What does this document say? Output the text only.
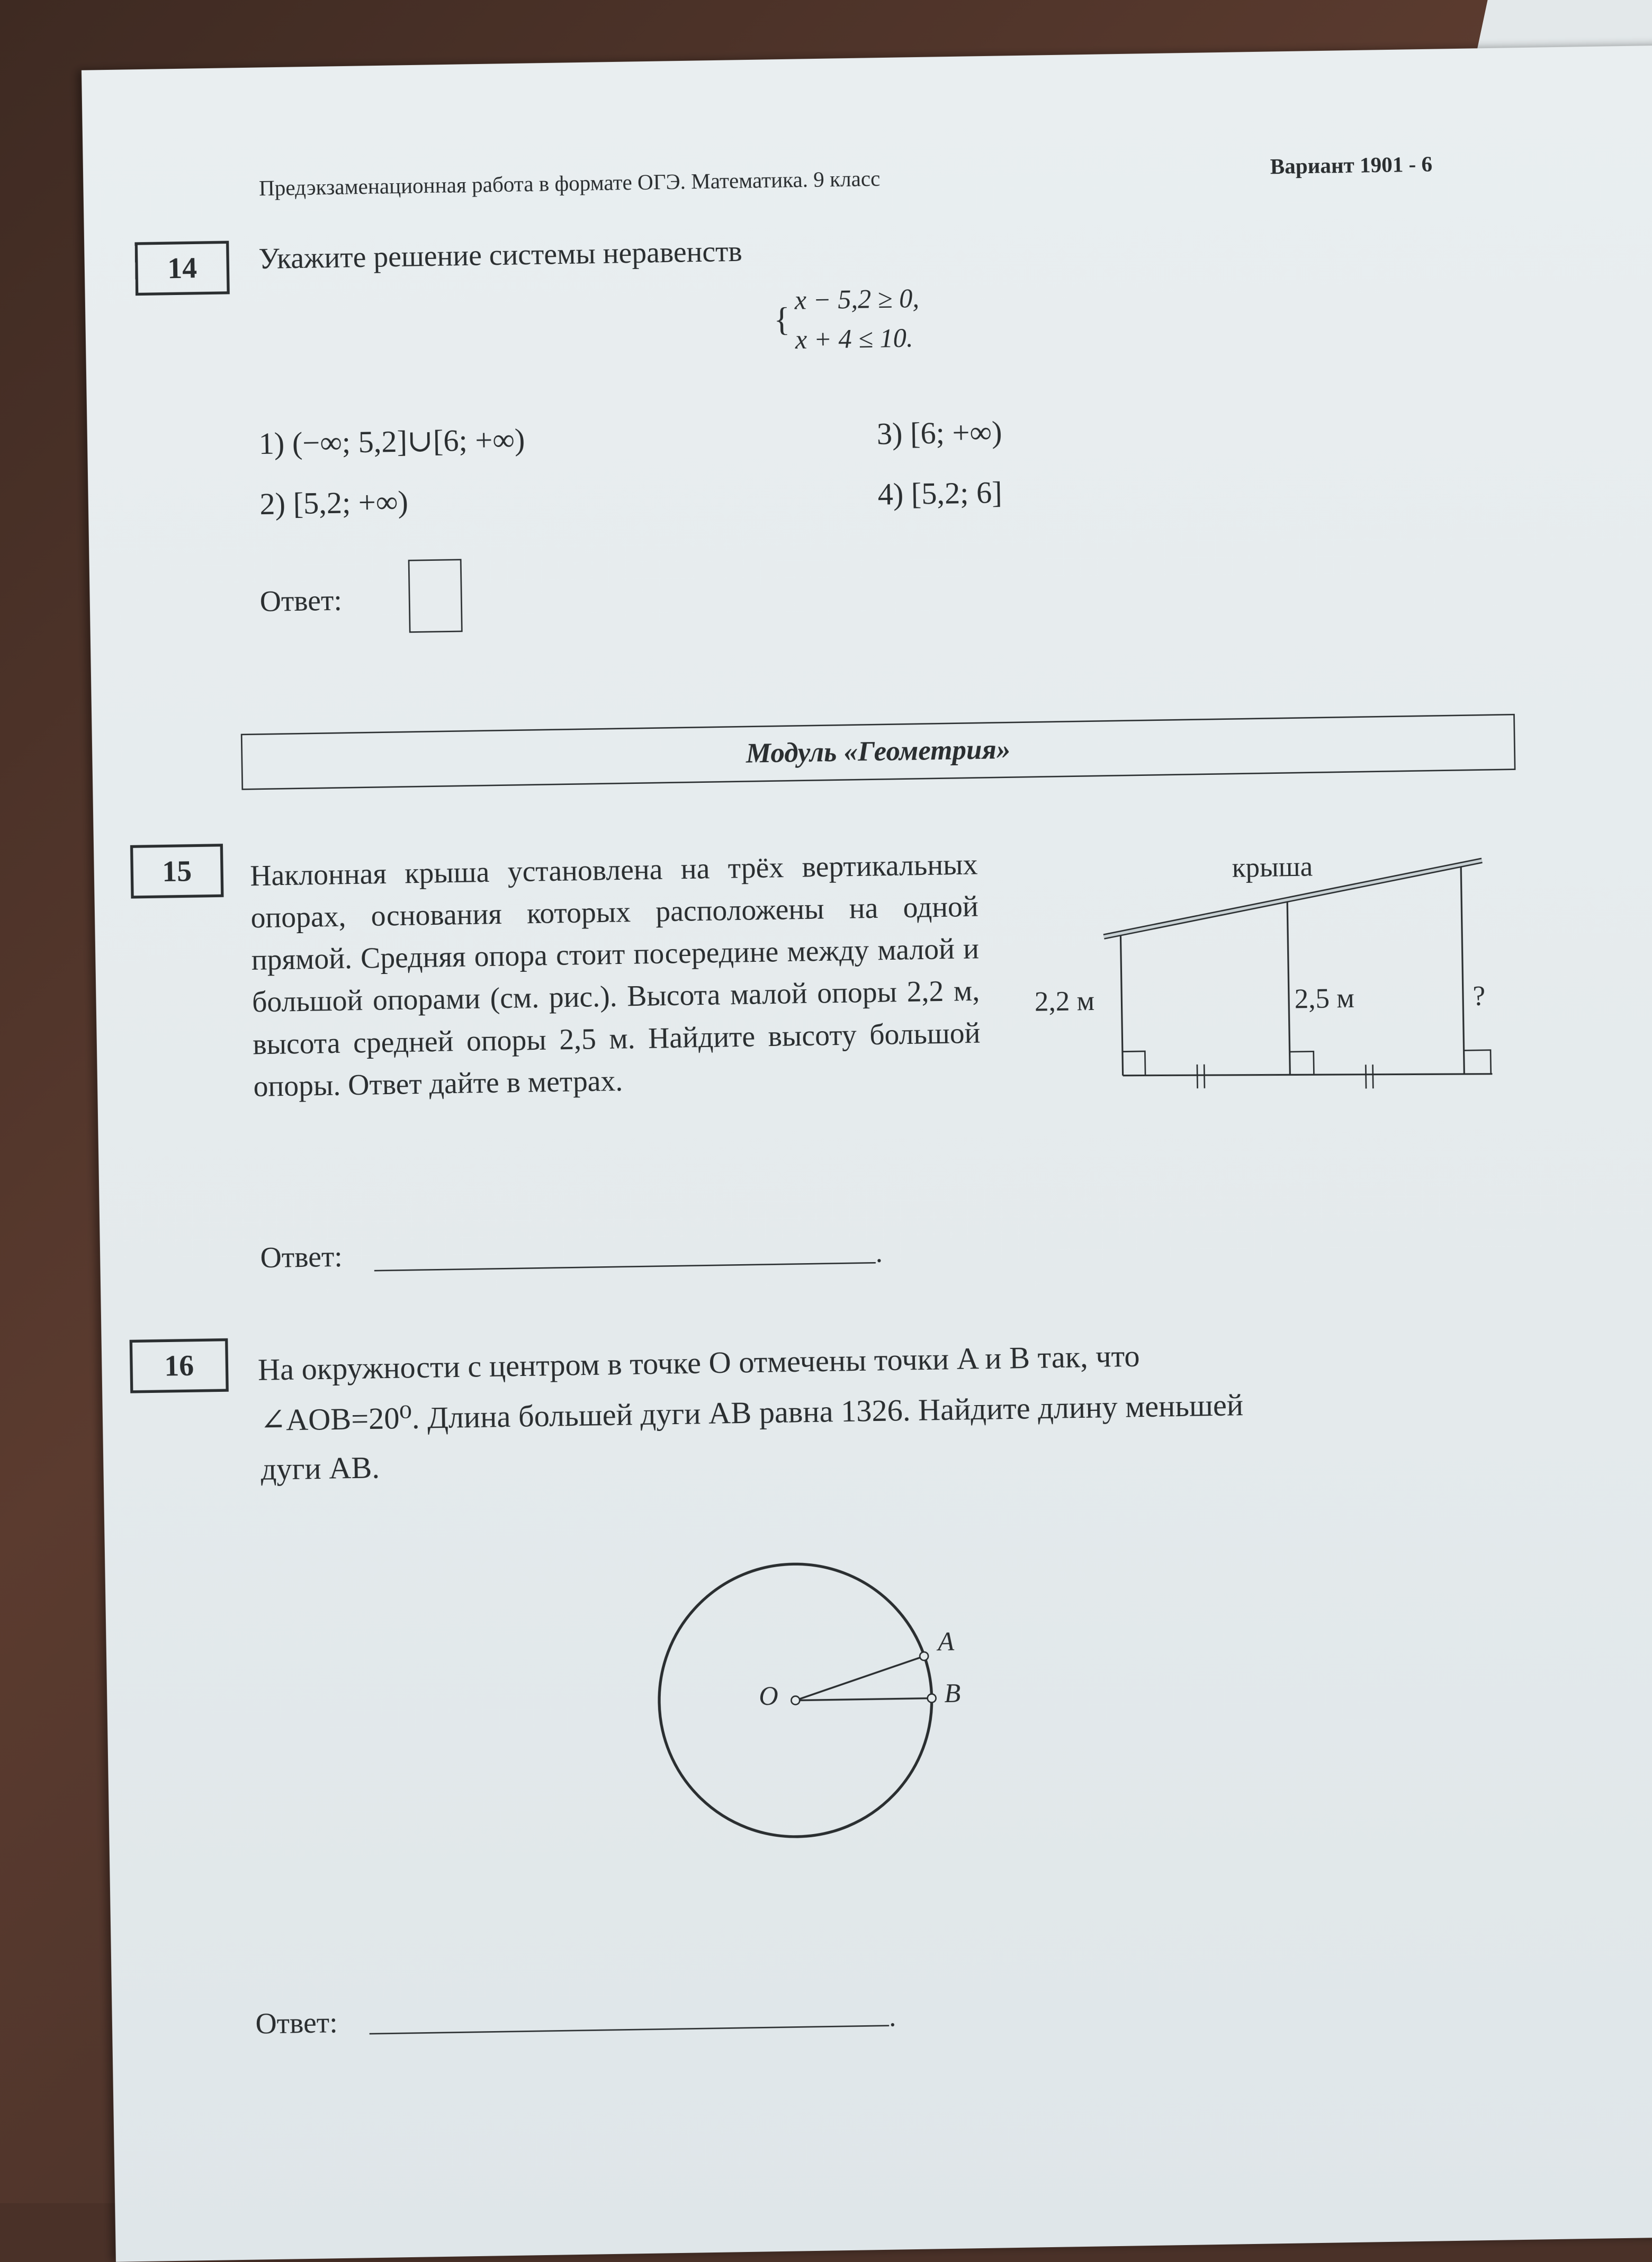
Предэкзаменационная работа в формате ОГЭ. Математика. 9 класс
Вариант 1901 - 6
14	Укажите решение системы неравенств
{
x − 5,2 ≥ 0,
x + 4 ≤ 10.
1) (−∞; 5,2]∪[6; +∞)
2) [5,2; +∞)
3) [6; +∞)
4) [5,2; 6]
Ответ:
Модуль «Геометрия»
15	Наклонная крыша установлена на трёх вертикальных опорах, основания которых расположены на одной прямой. Средняя опора стоит посередине между малой и большой опорами (см. рис.). Высота малой опоры 2,2 м, высота средней опоры 2,5 м. Найдите высоту большой опоры. Ответ дайте в метрах.
крыша
2,2 м	2,5 м	?
Ответ:	.
16	На окружности с центром в точке O отмечены точки A и B так, что
∠AOB=20⁰. Длина большей дуги AB равна 1326. Найдите длину меньшей
дуги AB.
O
A
B
Ответ:	.
